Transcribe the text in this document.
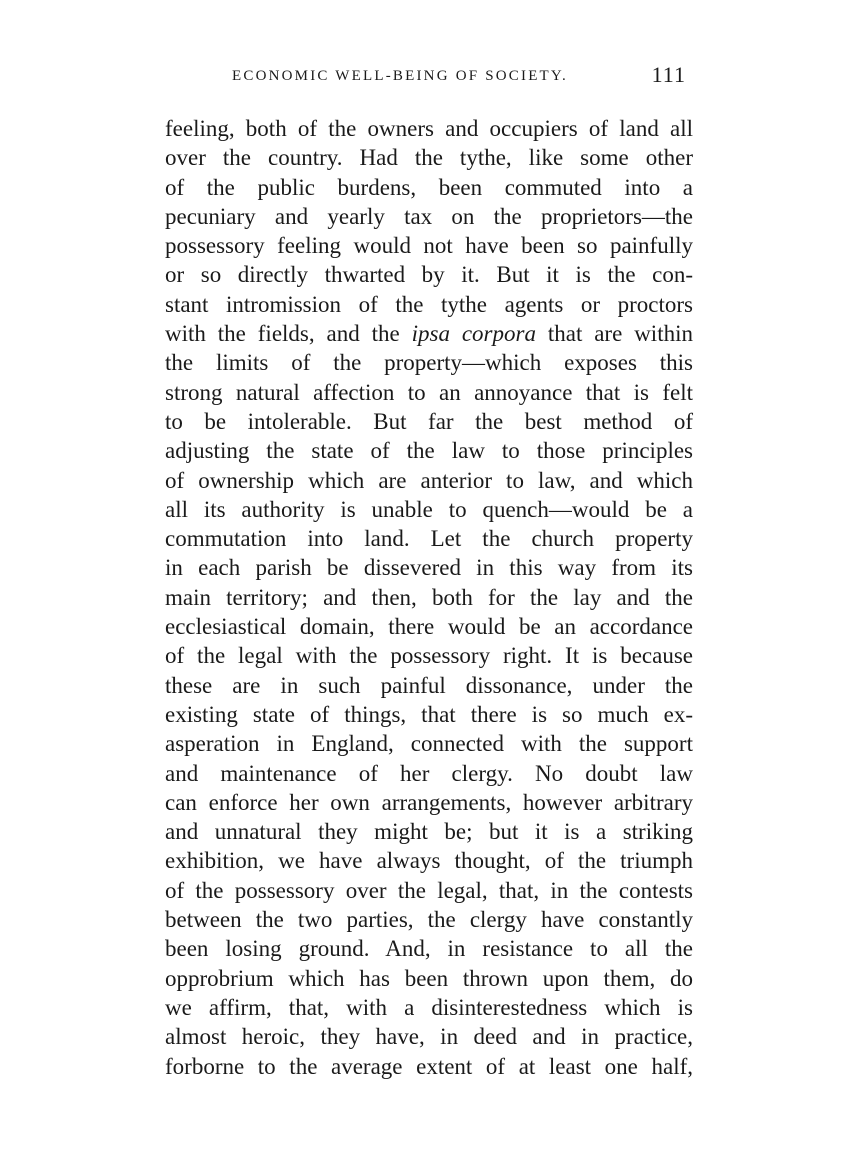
ECONOMIC WELL-BEING OF SOCIETY.	111
feeling, both of the owners and occupiers of land all
over the country. Had the tythe, like some other
of the public burdens, been commuted into a
pecuniary and yearly tax on the proprietors—the
possessory feeling would not have been so painfully
or so directly thwarted by it. But it is the con-
stant intromission of the tythe agents or proctors
with the fields, and the ipsa corpora that are within
the limits of the property—which exposes this
strong natural affection to an annoyance that is felt
to be intolerable. But far the best method of
adjusting the state of the law to those principles
of ownership which are anterior to law, and which
all its authority is unable to quench—would be a
commutation into land. Let the church property
in each parish be dissevered in this way from its
main territory; and then, both for the lay and the
ecclesiastical domain, there would be an accordance
of the legal with the possessory right. It is because
these are in such painful dissonance, under the
existing state of things, that there is so much ex-
asperation in England, connected with the support
and maintenance of her clergy. No doubt law
can enforce her own arrangements, however arbitrary
and unnatural they might be; but it is a striking
exhibition, we have always thought, of the triumph
of the possessory over the legal, that, in the contests
between the two parties, the clergy have constantly
been losing ground. And, in resistance to all the
opprobrium which has been thrown upon them, do
we affirm, that, with a disinterestedness which is
almost heroic, they have, in deed and in practice,
forborne to the average extent of at least one half,
